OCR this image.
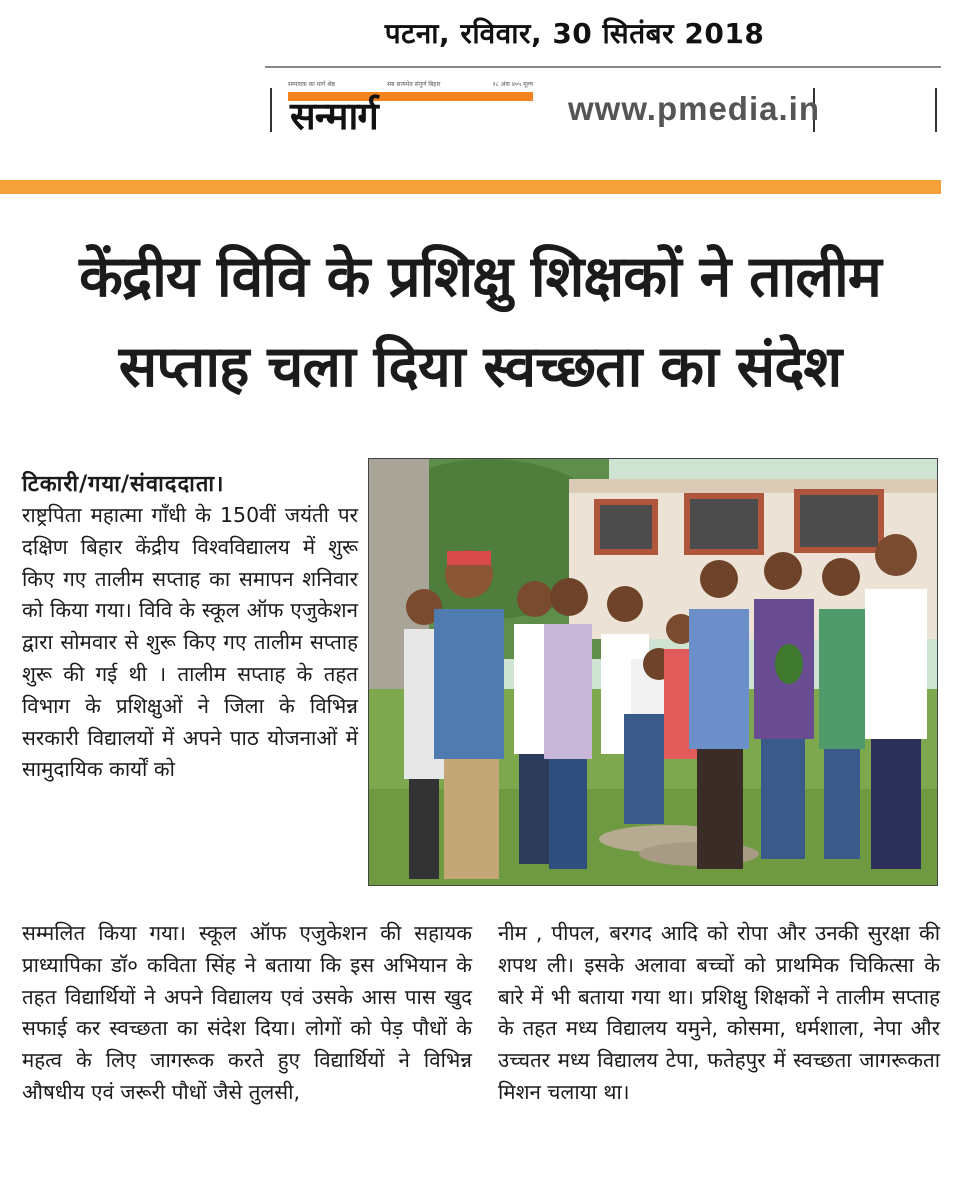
पटना, रविवार, 30 सितंबर 2018
सम्पादक का मार्ग श्रेष्ठ	सब सत्यमेव संपूर्ण बिहार	१८ अंक ४०५ मूल्य
सन्मार्ग	www.pmedia.in
केंद्रीय विवि के प्रशिक्षु शिक्षकों ने तालीम
सप्ताह चला दिया स्वच्छता का संदेश
टिकारी/गया/संवाददाता।
राष्ट्रपिता महात्मा गाँधी के 150वीं जयंती पर दक्षिण बिहार केंद्रीय विश्वविद्यालय में शुरू किए गए तालीम सप्ताह का समापन शनिवार को किया गया। विवि के स्कूल ऑफ एजुकेशन द्वारा सोमवार से शुरू किए गए तालीम सप्ताह शुरू की गई थी । तालीम सप्ताह के तहत विभाग के प्रशिक्षुओं ने जिला के विभिन्न सरकारी विद्यालयों में अपने पाठ योजनाओं में सामुदायिक कार्यों को
सम्मलित किया गया। स्कूल ऑफ एजुकेशन की सहायक प्राध्यापिका डॉ० कविता सिंह ने बताया कि इस अभियान के तहत विद्यार्थियों ने अपने विद्यालय एवं उसके आस पास खुद सफाई कर स्वच्छता का संदेश दिया। लोगों को पेड़ पौधों के महत्व के लिए जागरूक करते हुए विद्यार्थियों ने विभिन्न औषधीय एवं जरूरी पौधों जैसे तुलसी,
नीम , पीपल, बरगद आदि को रोपा और उनकी सुरक्षा की शपथ ली। इसके अलावा बच्चों को प्राथमिक चिकित्सा के बारे में भी बताया गया था। प्रशिक्षु शिक्षकों ने तालीम सप्ताह के तहत मध्य विद्यालय यमुने, कोसमा, धर्मशाला, नेपा और उच्चतर मध्य विद्यालय टेपा, फतेहपुर में स्वच्छता जागरूकता मिशन चलाया था।
